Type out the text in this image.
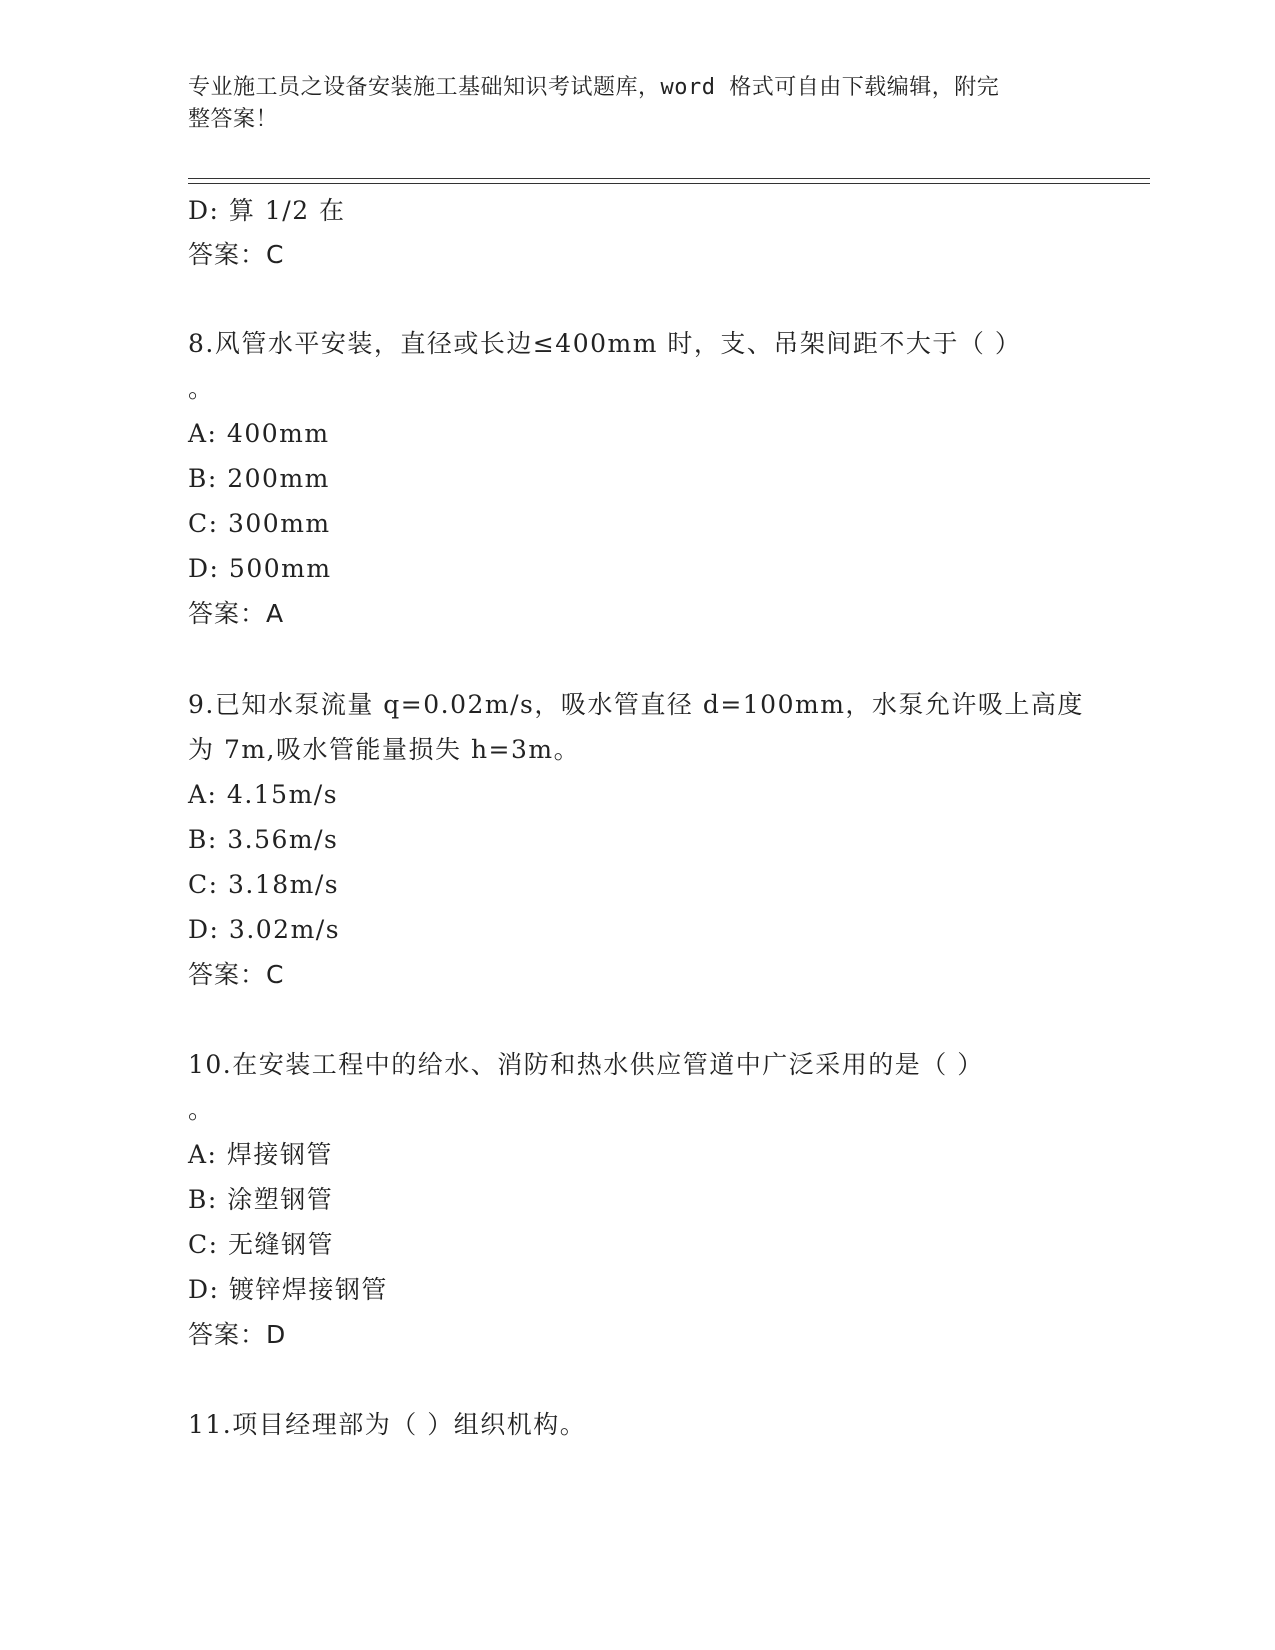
专业施工员之设备安装施工基础知识考试题库，word 格式可自由下载编辑，附完
整答案！
D: 算 1/2 在
答案：C
8.风管水平安装，直径或长边≤400mm 时，支、吊架间距不大于（ ）
。
A: 400mm
B: 200mm
C: 300mm
D: 500mm
答案：A
9.已知水泵流量 q=0.02m/s，吸水管直径 d=100mm，水泵允许吸上高度
为 7m,吸水管能量损失 h=3m。
A: 4.15m/s
B: 3.56m/s
C: 3.18m/s
D: 3.02m/s
答案：C
10.在安装工程中的给水、消防和热水供应管道中广泛采用的是（ ）
。
A: 焊接钢管
B: 涂塑钢管
C: 无缝钢管
D: 镀锌焊接钢管
答案：D
11.项目经理部为（ ）组织机构。
